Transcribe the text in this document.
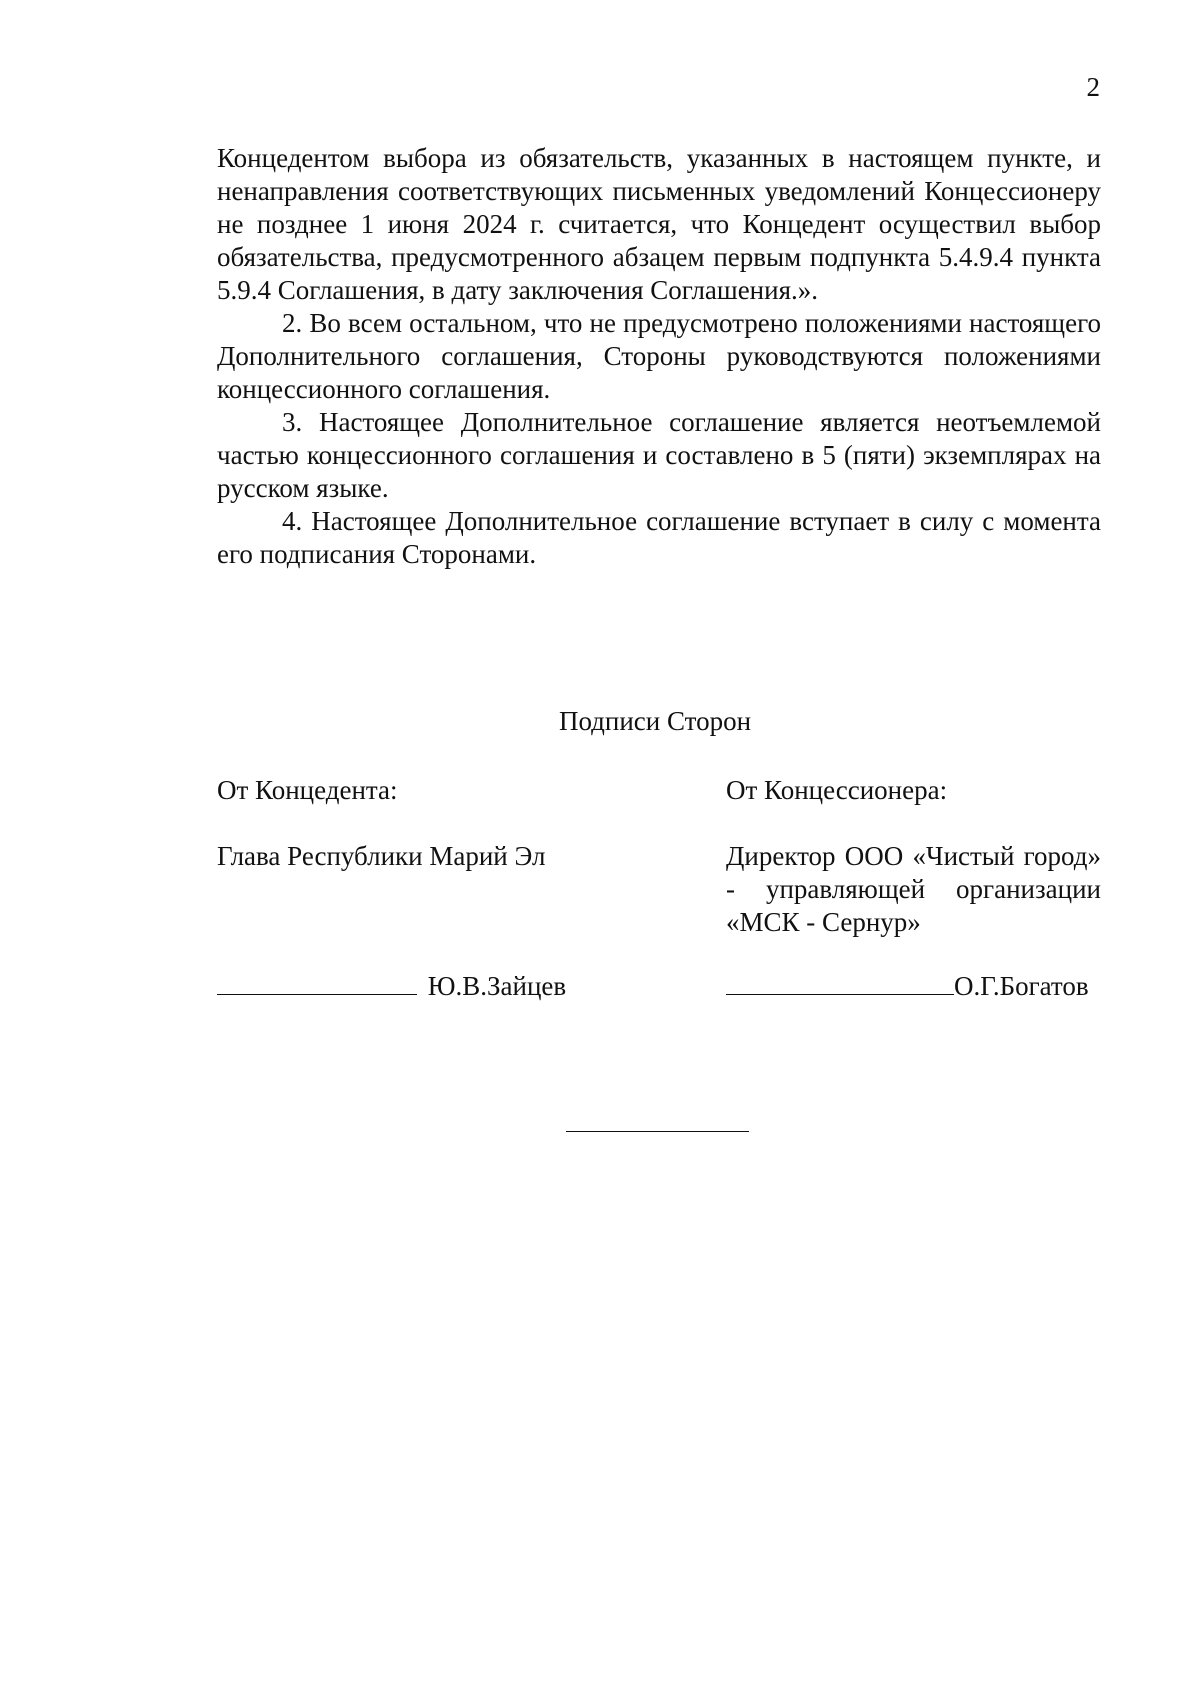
2

Концедентом выбора из обязательств, указанных в настоящем пункте, и ненаправления соответствующих письменных уведомлений Концессионеру не позднее 1 июня 2024 г. считается, что Концедент осуществил выбор обязательства, предусмотренного абзацем первым подпункта 5.4.9.4 пункта 5.9.4 Соглашения, в дату заключения Соглашения.».

2. Во всем остальном, что не предусмотрено положениями настоящего Дополнительного соглашения, Стороны руководствуются положениями концессионного соглашения.

3. Настоящее Дополнительное соглашение является неотъемлемой частью концессионного соглашения и составлено в 5 (пяти) экземплярах на русском языке.

4. Настоящее Дополнительное соглашение вступает в силу с момента его подписания Сторонами.

Подписи Сторон
От Концедента:
Глава Республики Марий Эл
Ю.В.Зайцев
От Концессионера:
Директор ООО «Чистый город» - управляющей организации «МСК - Сернур»
О.Г.Богатов
